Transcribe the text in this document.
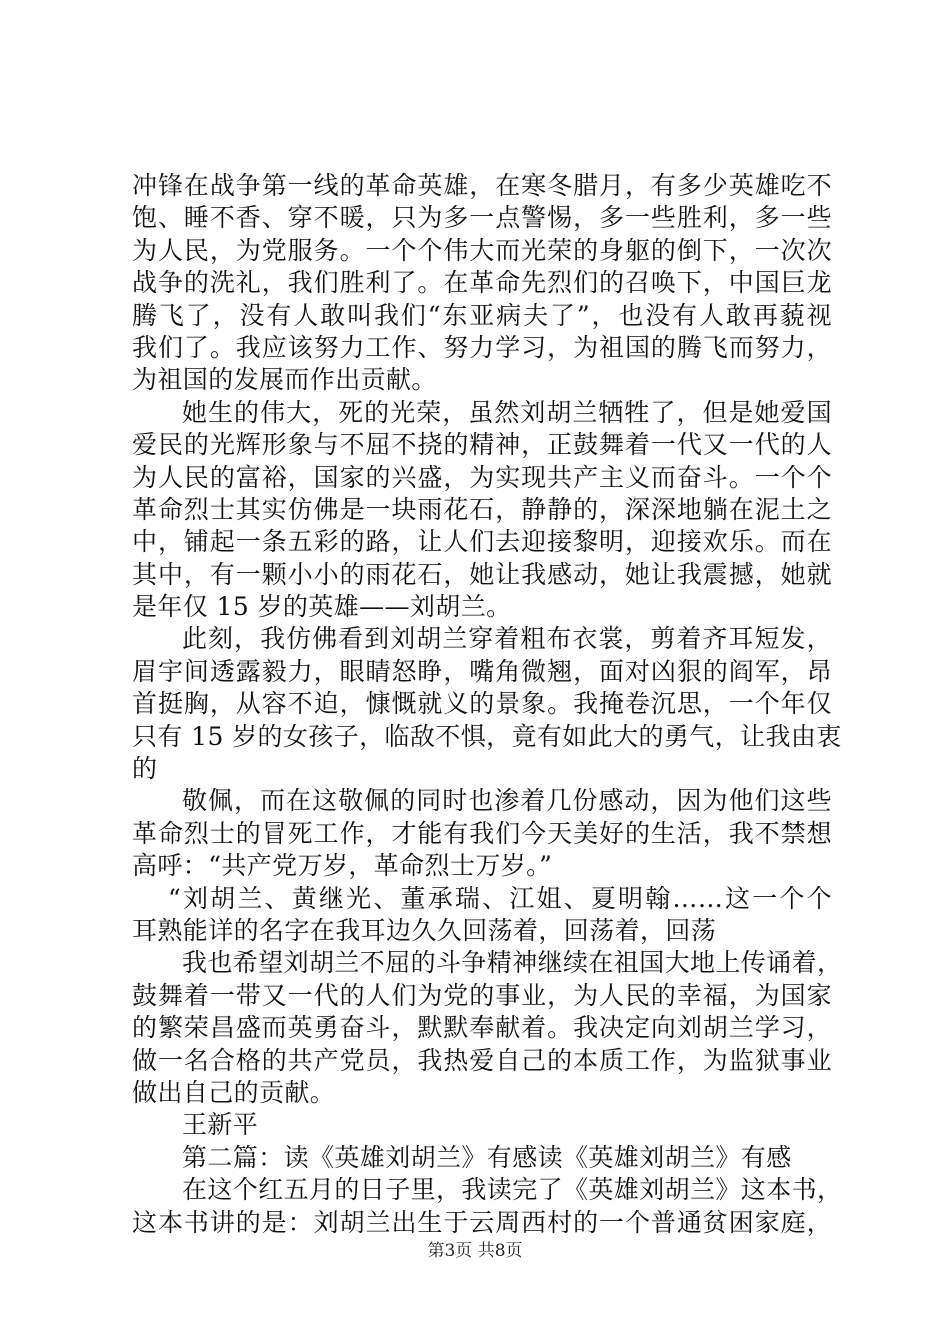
冲锋在战争第一线的革命英雄，在寒冬腊月，有多少英雄吃不
饱、睡不香、穿不暖，只为多一点警惕，多一些胜利，多一些
为人民，为党服务。一个个伟大而光荣的身躯的倒下，一次次
战争的洗礼，我们胜利了。在革命先烈们的召唤下，中国巨龙
腾飞了，没有人敢叫我们“东亚病夫了”，也没有人敢再藐视
我们了。我应该努力工作、努力学习，为祖国的腾飞而努力，
为祖国的发展而作出贡献。
她生的伟大，死的光荣，虽然刘胡兰牺牲了，但是她爱国
爱民的光辉形象与不屈不挠的精神，正鼓舞着一代又一代的人
为人民的富裕，国家的兴盛，为实现共产主义而奋斗。一个个
革命烈士其实仿佛是一块雨花石，静静的，深深地躺在泥土之
中，铺起一条五彩的路，让人们去迎接黎明，迎接欢乐。而在
其中，有一颗小小的雨花石，她让我感动，她让我震撼，她就
是年仅 15 岁的英雄——刘胡兰。
此刻，我仿佛看到刘胡兰穿着粗布衣裳，剪着齐耳短发，
眉宇间透露毅力，眼睛怒睁，嘴角微翘，面对凶狠的阎军，昂
首挺胸，从容不迫，慷慨就义的景象。我掩卷沉思，一个年仅
只有 15 岁的女孩子，临敌不惧，竟有如此大的勇气，让我由衷
的
敬佩，而在这敬佩的同时也渗着几份感动，因为他们这些
革命烈士的冒死工作，才能有我们今天美好的生活，我不禁想
高呼：“共产党万岁，革命烈士万岁。”
“刘胡兰、黄继光、董承瑞、江姐、夏明翰……这一个个
耳熟能详的名字在我耳边久久回荡着，回荡着，回荡
我也希望刘胡兰不屈的斗争精神继续在祖国大地上传诵着，
鼓舞着一带又一代的人们为党的事业，为人民的幸福，为国家
的繁荣昌盛而英勇奋斗，默默奉献着。我决定向刘胡兰学习，
做一名合格的共产党员，我热爱自己的本质工作，为监狱事业
做出自己的贡献。
王新平
第二篇：读《英雄刘胡兰》有感读《英雄刘胡兰》有感
在这个红五月的日子里，我读完了《英雄刘胡兰》这本书，
这本书讲的是：刘胡兰出生于云周西村的一个普通贫困家庭，
第3页 共8页
